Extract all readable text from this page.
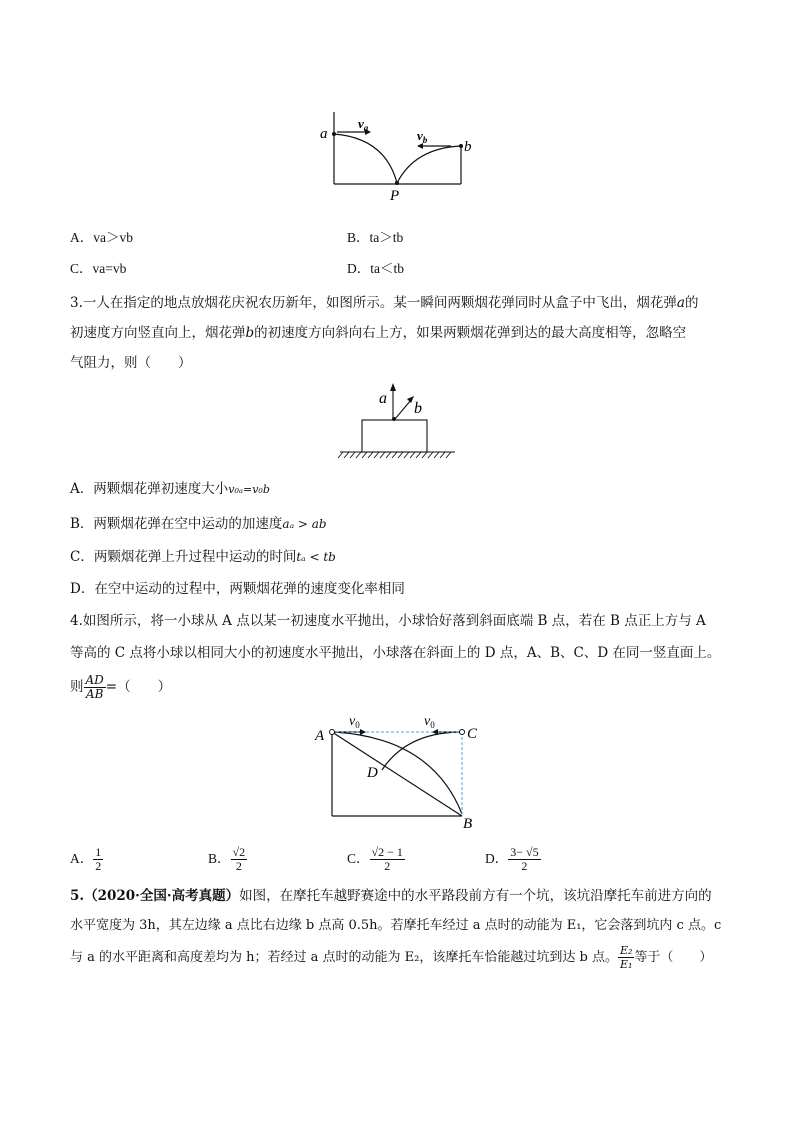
a
b
P
$v_a$	$v_b$
A．va＞vb	B．ta＞tb
C．va=vb	D．ta＜tb
3.一人在指定的地点放烟花庆祝农历新年，如图所示。某一瞬间两颗烟花弹同时从盒子中飞出，烟花弹a的
初速度方向竖直向上，烟花弹b的初速度方向斜向右上方，如果两颗烟花弹到达的最大高度相等，忽略空
气阻力，则（　　）
a
b
A．两颗烟花弹初速度大小v₀ₐ=v₀b
B．两颗烟花弹在空中运动的加速度aₐ > ab
C．两颗烟花弹上升过程中运动的时间tₐ < tb
D．在空中运动的过程中，两颗烟花弹的速度变化率相同
4.如图所示，将一小球从 A 点以某一初速度水平抛出，小球恰好落到斜面底端 B 点，若在 B 点正上方与 A
等高的 C 点将小球以相同大小的初速度水平抛出，小球落在斜面上的 D 点，A、B、C、D 在同一竖直面上。
则 $\frac{AD}{AB}$ =（　　）
A	C
D
B
$v_0$	$v_0$
A． $\frac{1}{2}$	B． $\frac{√2}{2}$	C． $\frac{√2 - 1}{2}$	D． $\frac{3- √5}{2}$
5.（2020·全国·高考真题）如图，在摩托车越野赛途中的水平路段前方有一个坑，该坑沿摩托车前进方向的
水平宽度为 3h，其左边缘 a 点比右边缘 b 点高 0.5h。若摩托车经过 a 点时的动能为 E₁，它会落到坑内 c 点。c
与 a 的水平距离和高度差均为 h；若经过 a 点时的动能为 E₂，该摩托车恰能越过坑到达 b 点。 $\frac{\text{E₂}}{\text{E₁}}$ 等于（　　）
